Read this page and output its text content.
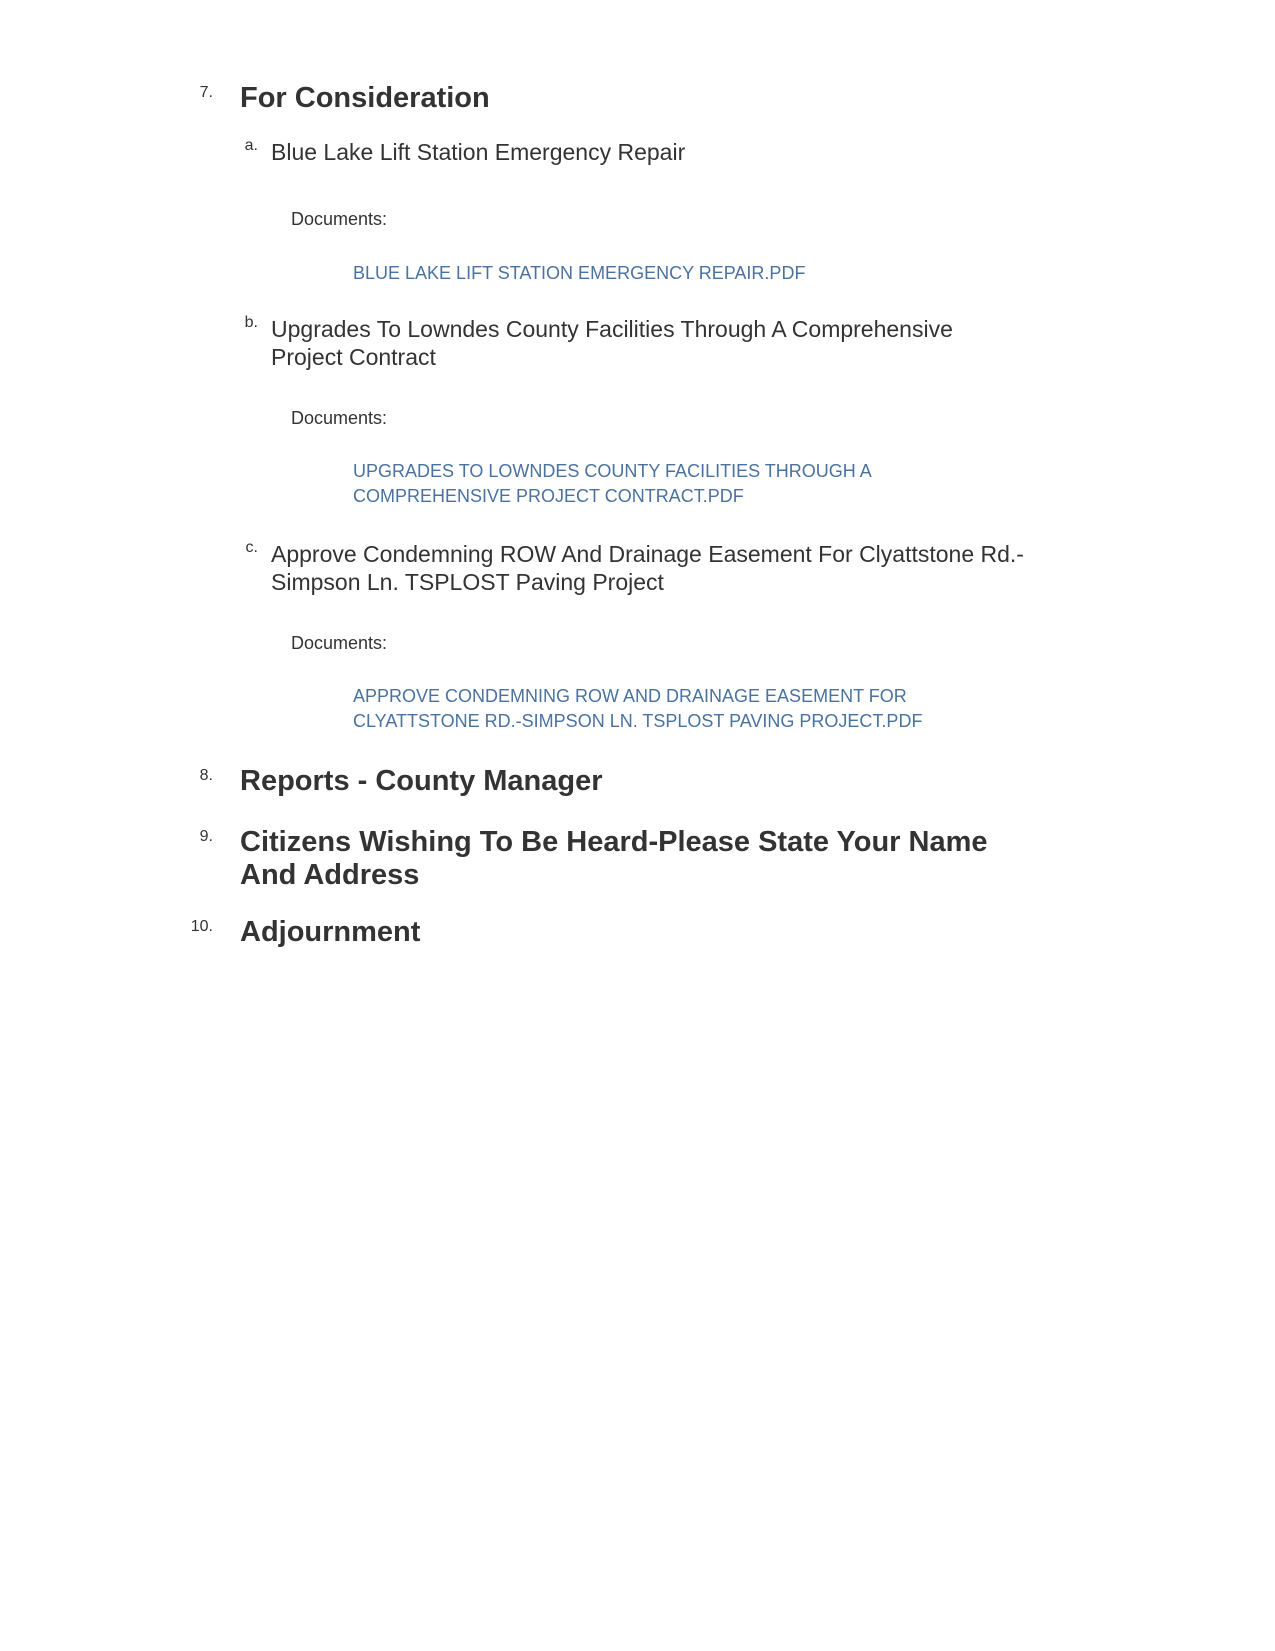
7. For Consideration
a. Blue Lake Lift Station Emergency Repair
Documents:
BLUE LAKE LIFT STATION EMERGENCY REPAIR.PDF
b. Upgrades To Lowndes County Facilities Through A Comprehensive Project Contract
Documents:
UPGRADES TO LOWNDES COUNTY FACILITIES THROUGH A COMPREHENSIVE PROJECT CONTRACT.PDF
c. Approve Condemning ROW And Drainage Easement For Clyattstone Rd.-Simpson Ln. TSPLOST Paving Project
Documents:
APPROVE CONDEMNING ROW AND DRAINAGE EASEMENT FOR CLYATTSTONE RD.-SIMPSON LN. TSPLOST PAVING PROJECT.PDF
8. Reports - County Manager
9. Citizens Wishing To Be Heard-Please State Your Name And Address
10. Adjournment
